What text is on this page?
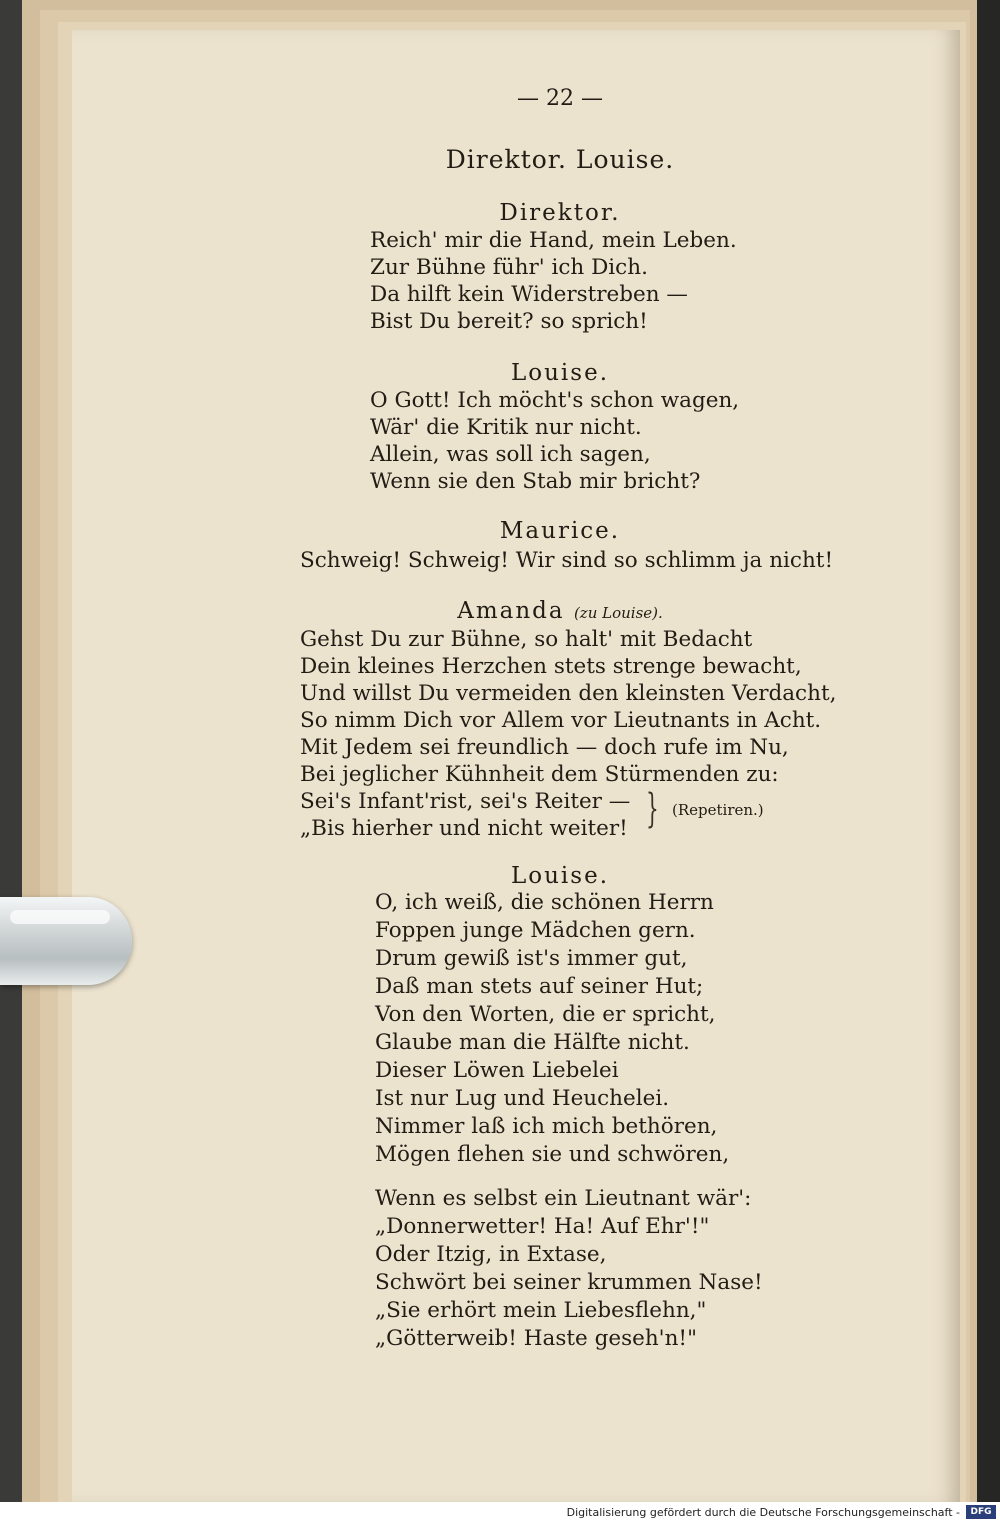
— 22 —
Direktor. Louise.
Direktor.
Reich' mir die Hand, mein Leben.
Zur Bühne führ' ich Dich.
Da hilft kein Widerstreben —
Bist Du bereit? so sprich!
Louise.
O Gott! Ich möcht's schon wagen,
Wär' die Kritik nur nicht.
Allein, was soll ich sagen,
Wenn sie den Stab mir bricht?
Maurice.
Schweig! Schweig! Wir sind so schlimm ja nicht!
Amanda (zu Louise).
Gehst Du zur Bühne, so halt' mit Bedacht
Dein kleines Herzchen stets strenge bewacht,
Und willst Du vermeiden den kleinsten Verdacht,
So nimm Dich vor Allem vor Lieutnants in Acht.
Mit Jedem sei freundlich — doch rufe im Nu,
Bei jeglicher Kühnheit dem Stürmenden zu:
Sei's Infant'rist, sei's Reiter —
„Bis hierher und nicht weiter! } (Repetiren.)
Louise.
O, ich weiß, die schönen Herrn
Foppen junge Mädchen gern.
Drum gewiß ist's immer gut,
Daß man stets auf seiner Hut;
Von den Worten, die er spricht,
Glaube man die Hälfte nicht.
Dieser Löwen Liebelei
Ist nur Lug und Heuchelei.
Nimmer laß ich mich bethören,
Mögen flehen sie und schwören,
Wenn es selbst ein Lieutnant wär':
„Donnerwetter! Ha! Auf Ehr'!"
Oder Itzig, in Extase,
Schwört bei seiner krummen Nase!
„Sie erhört mein Liebesflehn,"
„Götterweib! Haste geseh'n!"
Digitalisierung gefördert durch die Deutsche Forschungsgemeinschaft -	DFG
